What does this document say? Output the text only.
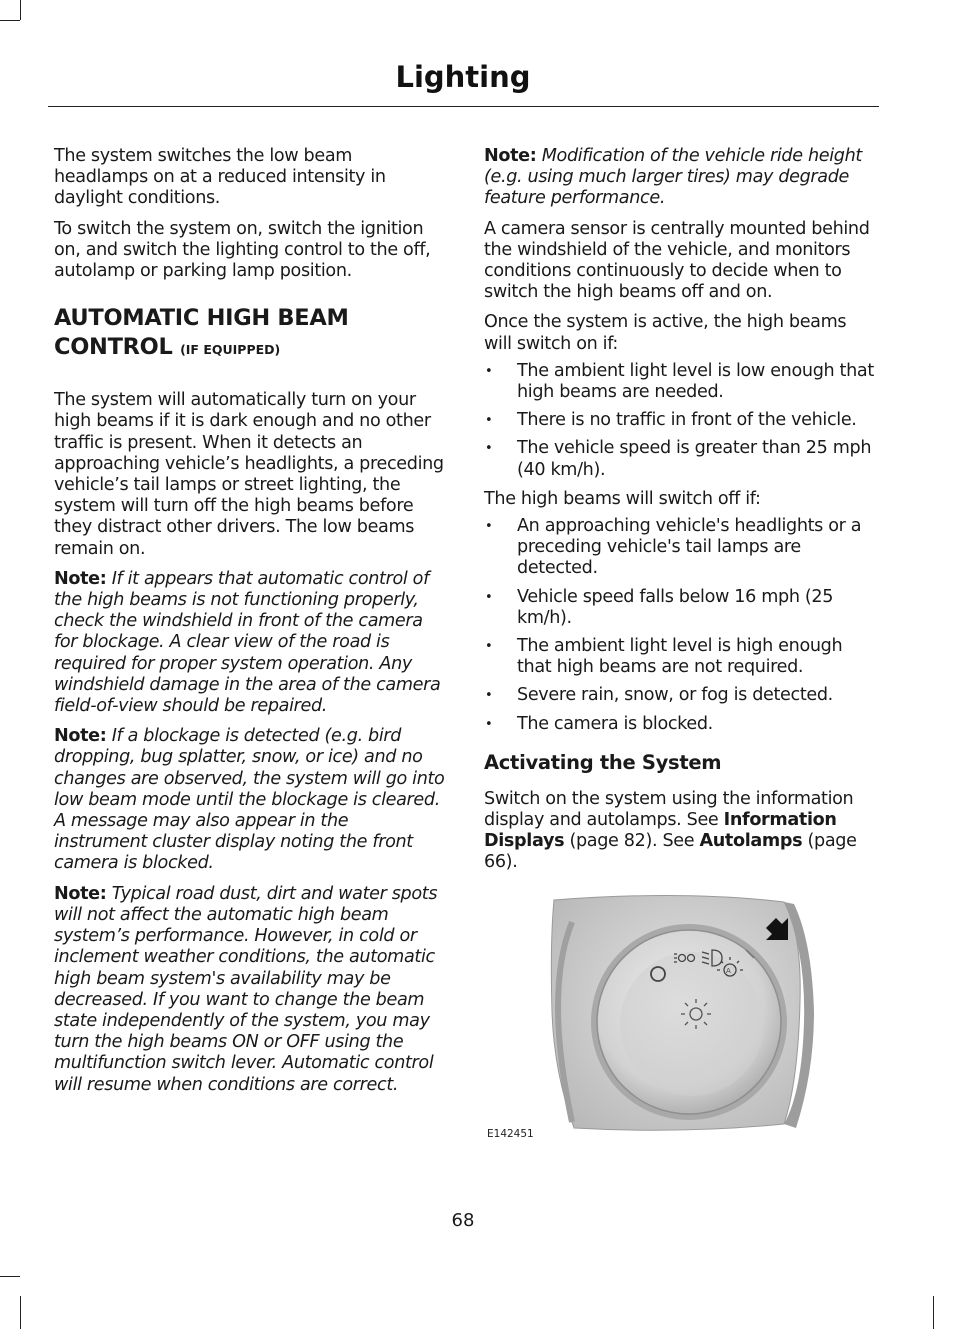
Lighting

The system switches the low beam headlamps on at a reduced intensity in daylight conditions.

To switch the system on, switch the ignition on, and switch the lighting control to the off, autolamp or parking lamp position.

AUTOMATIC HIGH BEAM CONTROL (IF EQUIPPED)

The system will automatically turn on your high beams if it is dark enough and no other traffic is present. When it detects an approaching vehicle’s headlights, a preceding vehicle’s tail lamps or street lighting, the system will turn off the high beams before they distract other drivers. The low beams remain on.

Note: If it appears that automatic control of the high beams is not functioning properly, check the windshield in front of the camera for blockage. A clear view of the road is required for proper system operation. Any windshield damage in the area of the camera field-of-view should be repaired.

Note: If a blockage is detected (e.g. bird dropping, bug splatter, snow, or ice) and no changes are observed, the system will go into low beam mode until the blockage is cleared. A message may also appear in the instrument cluster display noting the front camera is blocked.

Note: Typical road dust, dirt and water spots will not affect the automatic high beam system’s performance. However, in cold or inclement weather conditions, the automatic high beam system's availability may be decreased. If you want to change the beam state independently of the system, you may turn the high beams ON or OFF using the multifunction switch lever. Automatic control will resume when conditions are correct.

Note: Modification of the vehicle ride height (e.g. using much larger tires) may degrade feature performance.

A camera sensor is centrally mounted behind the windshield of the vehicle, and monitors conditions continuously to decide when to switch the high beams off and on.

Once the system is active, the high beams will switch on if:

• The ambient light level is low enough that high beams are needed.
• There is no traffic in front of the vehicle.
• The vehicle speed is greater than 25 mph (40 km/h).

The high beams will switch off if:

• An approaching vehicle's headlights or a preceding vehicle's tail lamps are detected.
• Vehicle speed falls below 16 mph (25 km/h).
• The ambient light level is high enough that high beams are not required.
• Severe rain, snow, or fog is detected.
• The camera is blocked.
Activating the System

Switch on the system using the information display and autolamps. See Information Displays (page 82). See Autolamps (page 66).

A
E142451
68
